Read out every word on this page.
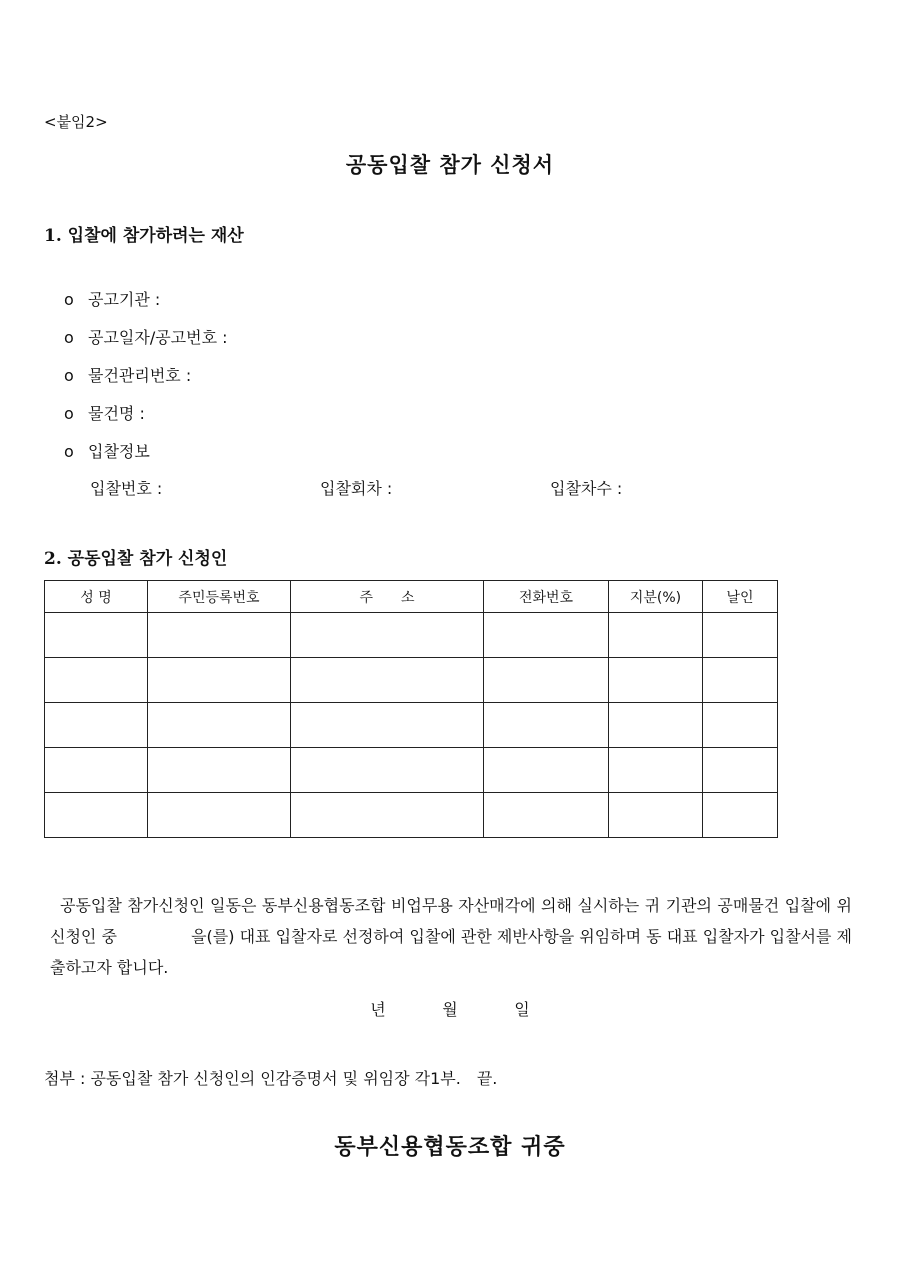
<붙임2>
공동입찰 참가 신청서
1. 입찰에 참가하려는 재산
o 공고기관 :
o 공고일자/공고번호 :
o 물건관리번호 :
o 물건명 :
o 입찰정보
입찰번호 :	입찰회차 :	입찰차수 :
2. 공동입찰 참가 신청인
성 명	주민등록번호	주　　소	전화번호	지분(%)	날인

공동입찰 참가신청인 일동은 동부신용협동조합 비업무용 자산매각에 의해 실시하는 귀 기관의 공매물건 입찰에 위 신청인 중 　　　　 을(를) 대표 입찰자로 선정하여 입찰에 관한 제반사항을 위임하며 동 대표 입찰자가 입찰서를 제출하고자 합니다.

년	월	일
첨부 : 공동입찰 참가 신청인의 인감증명서 및 위임장 각1부.　끝.
동부신용협동조합 귀중
